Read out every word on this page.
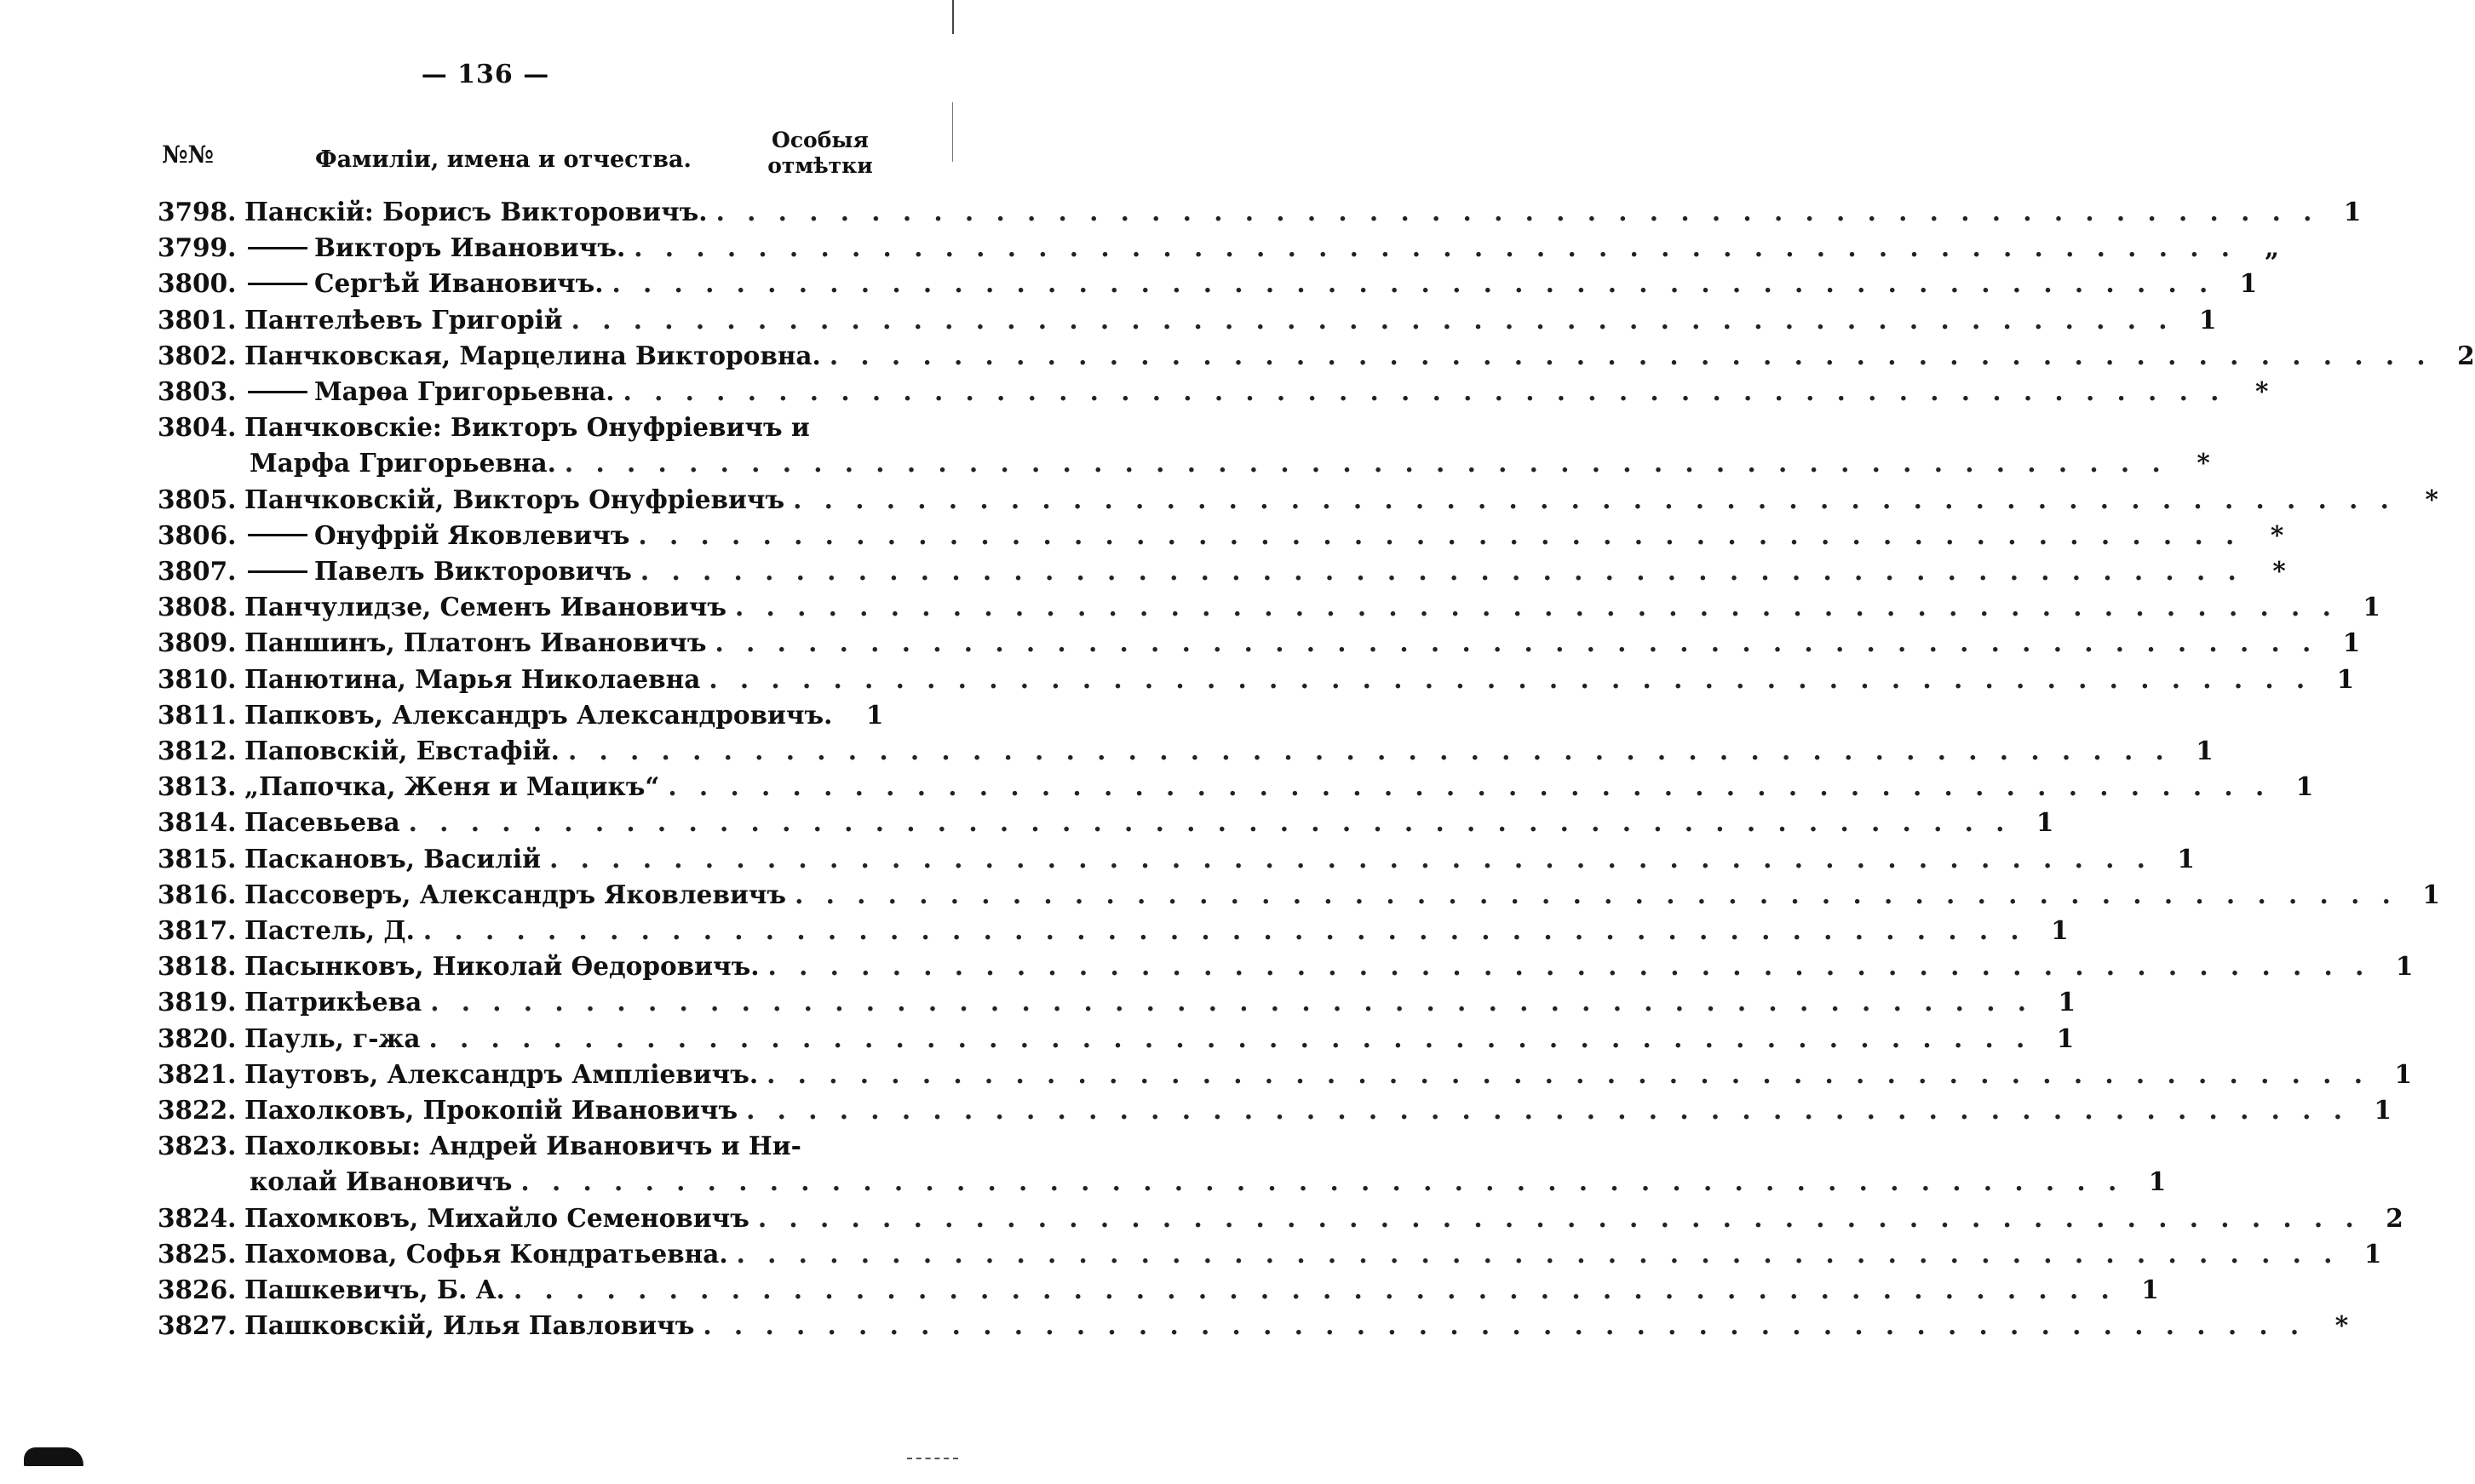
— 136 —
№№	Фамиліи, имена и отчества.
Особыя
отмѣтки
3798. Панскій: Борисъ Викторовичъ. . . . . . . . . . . . . . . . . . . . . . . . . . . . . . . . . . . . . . . . . . . . . . . . . . . . . 1
3799.	Викторъ Ивановичъ. . . . . . . . . . . . . . . . . . . . . . . . . . . . . . . . . . . . . . . . . . . . . . . . . . . . .	„
3800.	Сергѣй Ивановичъ. . . . . . . . . . . . . . . . . . . . . . . . . . . . . . . . . . . . . . . . . . . . . . . . . . . . . 1
3801. Пантелѣевъ Григорій . . . . . . . . . . . . . . . . . . . . . . . . . . . . . . . . . . . . . . . . . . . . . . . . . . . . 1
3802. Панчковская, Марцелина Викторовна. . . . . . . . . . . . . . . . . . . . . . . . . . . . . . . . . . . . . . . . . . . . . . . . . . . . . 2
3803.	Марѳа Григорьевна. . . . . . . . . . . . . . . . . . . . . . . . . . . . . . . . . . . . . . . . . . . . . . . . . . . . .	*
3804. Панчковскіе: Викторъ Онуфріевичъ и
Марфа Григорьевна. . . . . . . . . . . . . . . . . . . . . . . . . . . . . . . . . . . . . . . . . . . . . . . . . . . . .	*
3805. Панчковскій, Викторъ Онуфріевичъ . . . . . . . . . . . . . . . . . . . . . . . . . . . . . . . . . . . . . . . . . . . . . . . . . . . .	*
3806.	Онуфрій Яковлевичъ . . . . . . . . . . . . . . . . . . . . . . . . . . . . . . . . . . . . . . . . . . . . . . . . . . . .	*
3807.	Павелъ Викторовичъ . . . . . . . . . . . . . . . . . . . . . . . . . . . . . . . . . . . . . . . . . . . . . . . . . . . .	*
3808. Панчулидзе, Семенъ Ивановичъ . . . . . . . . . . . . . . . . . . . . . . . . . . . . . . . . . . . . . . . . . . . . . . . . . . . . 1
3809. Паншинъ, Платонъ Ивановичъ . . . . . . . . . . . . . . . . . . . . . . . . . . . . . . . . . . . . . . . . . . . . . . . . . . . . 1
3810. Панютина, Марья Николаевна . . . . . . . . . . . . . . . . . . . . . . . . . . . . . . . . . . . . . . . . . . . . . . . . . . . . 1
3811. Папковъ, Александръ Александровичъ.	1
3812. Паповскій, Евстафій. . . . . . . . . . . . . . . . . . . . . . . . . . . . . . . . . . . . . . . . . . . . . . . . . . . . . 1
3813. „Папочка, Женя и Мацикъ“ . . . . . . . . . . . . . . . . . . . . . . . . . . . . . . . . . . . . . . . . . . . . . . . . . . . . 1
3814. Пасевьева . . . . . . . . . . . . . . . . . . . . . . . . . . . . . . . . . . . . . . . . . . . . . . . . . . . . 1
3815. Паскановъ, Василій . . . . . . . . . . . . . . . . . . . . . . . . . . . . . . . . . . . . . . . . . . . . . . . . . . . . 1
3816. Пассоверъ, Александръ Яковлевичъ . . . . . . . . . . . . . . . . . . . . . . . . . . . . . . . . . . . . . . . . . . . . . . . . . . . . 1
3817. Пастель, Д. . . . . . . . . . . . . . . . . . . . . . . . . . . . . . . . . . . . . . . . . . . . . . . . . . . . . 1
3818. Пасынковъ, Николай Ѳедоровичъ. . . . . . . . . . . . . . . . . . . . . . . . . . . . . . . . . . . . . . . . . . . . . . . . . . . . . 1
3819. Патрикѣева . . . . . . . . . . . . . . . . . . . . . . . . . . . . . . . . . . . . . . . . . . . . . . . . . . . . 1
3820. Пауль, г-жа . . . . . . . . . . . . . . . . . . . . . . . . . . . . . . . . . . . . . . . . . . . . . . . . . . . . 1
3821. Паутовъ, Александръ Ампліевичъ. . . . . . . . . . . . . . . . . . . . . . . . . . . . . . . . . . . . . . . . . . . . . . . . . . . . . 1
3822. Пахолковъ, Прокопій Ивановичъ . . . . . . . . . . . . . . . . . . . . . . . . . . . . . . . . . . . . . . . . . . . . . . . . . . . . 1
3823. Пахолковы: Андрей Ивановичъ и Ни-
колай Ивановичъ . . . . . . . . . . . . . . . . . . . . . . . . . . . . . . . . . . . . . . . . . . . . . . . . . . . . 1
3824. Пахомковъ, Михайло Семеновичъ . . . . . . . . . . . . . . . . . . . . . . . . . . . . . . . . . . . . . . . . . . . . . . . . . . . . 2
3825. Пахомова, Софья Кондратьевна. . . . . . . . . . . . . . . . . . . . . . . . . . . . . . . . . . . . . . . . . . . . . . . . . . . . . 1
3826. Пашкевичъ, Б. А. . . . . . . . . . . . . . . . . . . . . . . . . . . . . . . . . . . . . . . . . . . . . . . . . . . . . 1
3827. Пашковскій, Илья Павловичъ . . . . . . . . . . . . . . . . . . . . . . . . . . . . . . . . . . . . . . . . . . . . . . . . . . . .	*
